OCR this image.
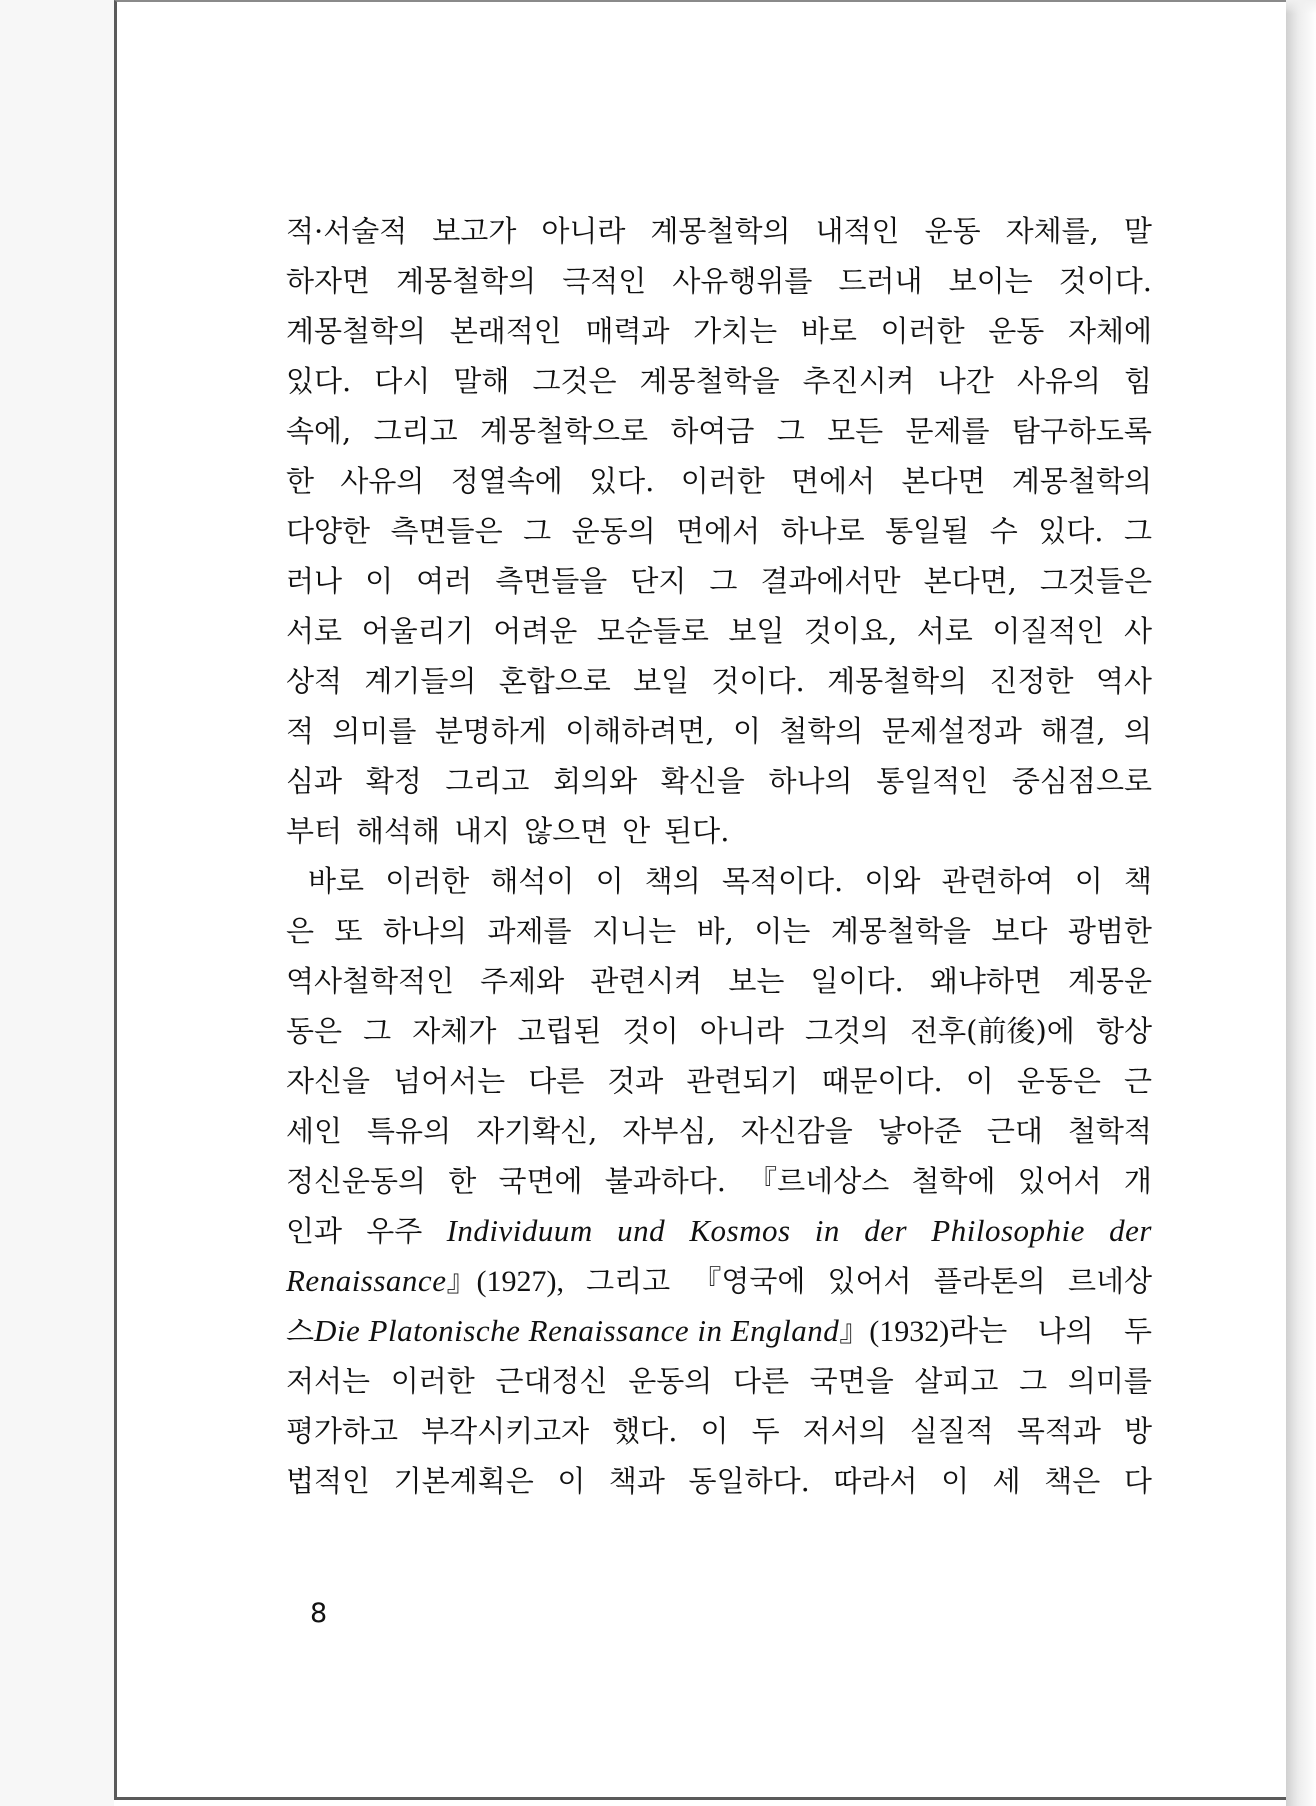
적·서술적 보고가 아니라 계몽철학의 내적인 운동 자체를, 말
하자면 계몽철학의 극적인 사유행위를 드러내 보이는 것이다.
계몽철학의 본래적인 매력과 가치는 바로 이러한 운동 자체에
있다. 다시 말해 그것은 계몽철학을 추진시켜 나간 사유의 힘
속에, 그리고 계몽철학으로 하여금 그 모든 문제를 탐구하도록
한 사유의 정열속에 있다. 이러한 면에서 본다면 계몽철학의
다양한 측면들은 그 운동의 면에서 하나로 통일될 수 있다. 그
러나 이 여러 측면들을 단지 그 결과에서만 본다면, 그것들은
서로 어울리기 어려운 모순들로 보일 것이요, 서로 이질적인 사
상적 계기들의 혼합으로 보일 것이다. 계몽철학의 진정한 역사
적 의미를 분명하게 이해하려면, 이 철학의 문제설정과 해결, 의
심과 확정 그리고 회의와 확신을 하나의 통일적인 중심점으로
부터 해석해 내지 않으면 안 된다.
바로 이러한 해석이 이 책의 목적이다. 이와 관련하여 이 책
은 또 하나의 과제를 지니는 바, 이는 계몽철학을 보다 광범한
역사철학적인 주제와 관련시켜 보는 일이다. 왜냐하면 계몽운
동은 그 자체가 고립된 것이 아니라 그것의 전후(前後)에 항상
자신을 넘어서는 다른 것과 관련되기 때문이다. 이 운동은 근
세인 특유의 자기확신, 자부심, 자신감을 낳아준 근대 철학적
정신운동의 한 국면에 불과하다. 『르네상스 철학에 있어서 개
인과 우주 Individuum und Kosmos in der Philosophie der
Renaissance』(1927), 그리고 『영국에 있어서 플라톤의 르네상
스Die Platonische Renaissance in England』(1932)라는 나의 두
저서는 이러한 근대정신 운동의 다른 국면을 살피고 그 의미를
평가하고 부각시키고자 했다. 이 두 저서의 실질적 목적과 방
법적인 기본계획은 이 책과 동일하다. 따라서 이 세 책은 다
8
